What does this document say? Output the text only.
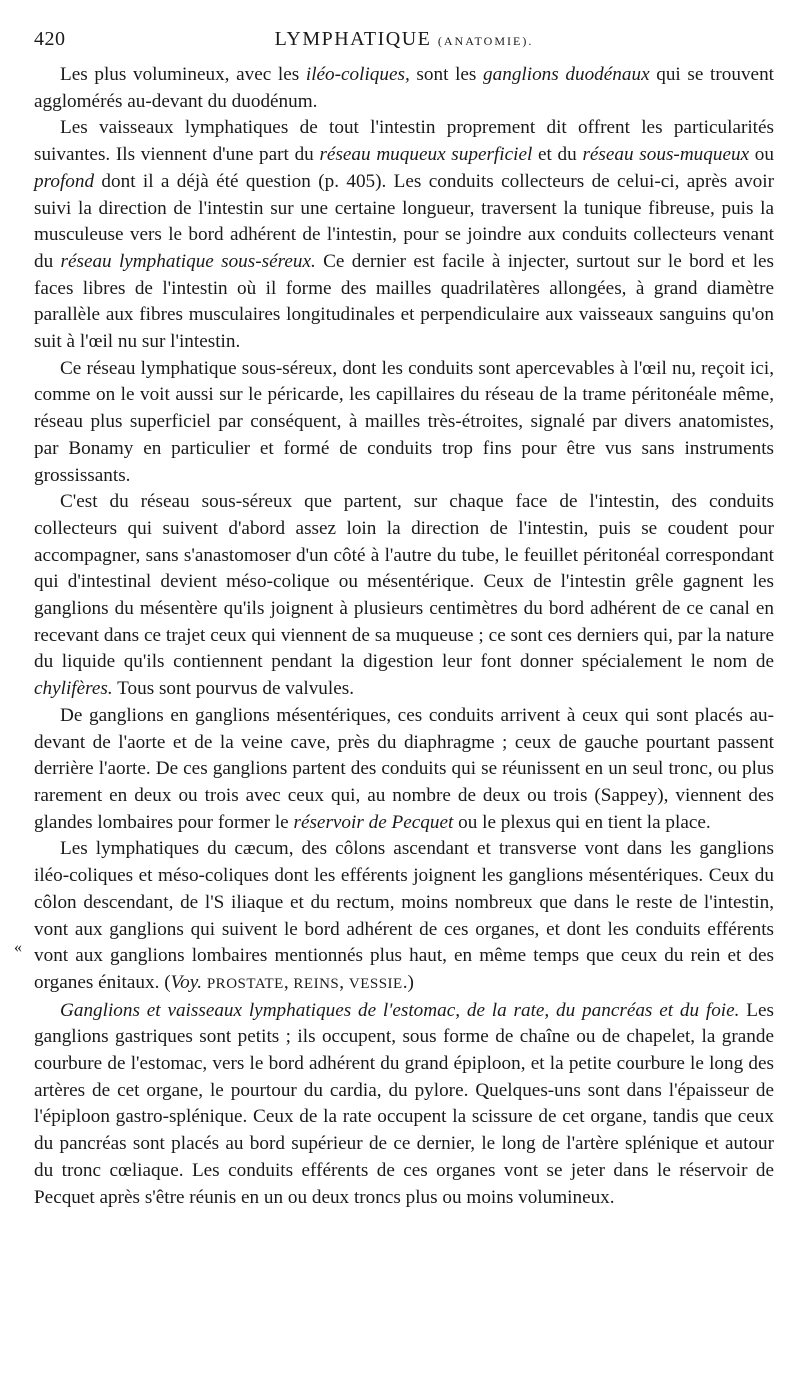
420	LYMPHATIQUE (ANATOMIE).

Les plus volumineux, avec les iléo-coliques, sont les ganglions duodénaux qui se trouvent agglomérés au-devant du duodénum.

Les vaisseaux lymphatiques de tout l'intestin proprement dit offrent les particularités suivantes. Ils viennent d'une part du réseau muqueux superficiel et du réseau sous-muqueux ou profond dont il a déjà été question (p. 405). Les conduits collecteurs de celui-ci, après avoir suivi la direction de l'intestin sur une certaine longueur, traversent la tunique fibreuse, puis la musculeuse vers le bord adhérent de l'intestin, pour se joindre aux conduits collecteurs venant du réseau lymphatique sous-séreux. Ce dernier est facile à injecter, surtout sur le bord et les faces libres de l'intestin où il forme des mailles quadrilatères allongées, à grand diamètre parallèle aux fibres musculaires longitudinales et perpendiculaire aux vaisseaux sanguins qu'on suit à l'œil nu sur l'intestin.

Ce réseau lymphatique sous-séreux, dont les conduits sont apercevables à l'œil nu, reçoit ici, comme on le voit aussi sur le péricarde, les capillaires du réseau de la trame péritonéale même, réseau plus superficiel par conséquent, à mailles très-étroites, signalé par divers anatomistes, par Bonamy en particulier et formé de conduits trop fins pour être vus sans instruments grossissants.

C'est du réseau sous-séreux que partent, sur chaque face de l'intestin, des conduits collecteurs qui suivent d'abord assez loin la direction de l'intestin, puis se coudent pour accompagner, sans s'anastomoser d'un côté à l'autre du tube, le feuillet péritonéal correspondant qui d'intestinal devient méso-colique ou mésentérique. Ceux de l'intestin grêle gagnent les ganglions du mésentère qu'ils joignent à plusieurs centimètres du bord adhérent de ce canal en recevant dans ce trajet ceux qui viennent de sa muqueuse ; ce sont ces derniers qui, par la nature du liquide qu'ils contiennent pendant la digestion leur font donner spécialement le nom de chylifères. Tous sont pourvus de valvules.

De ganglions en ganglions mésentériques, ces conduits arrivent à ceux qui sont placés au-devant de l'aorte et de la veine cave, près du diaphragme ; ceux de gauche pourtant passent derrière l'aorte. De ces ganglions partent des conduits qui se réunissent en un seul tronc, ou plus rarement en deux ou trois avec ceux qui, au nombre de deux ou trois (Sappey), viennent des glandes lombaires pour former le réservoir de Pecquet ou le plexus qui en tient la place.

Les lymphatiques du cæcum, des côlons ascendant et transverse vont dans les ganglions iléo-coliques et méso-coliques dont les efférents joignent les ganglions mésentériques. Ceux du côlon descendant, de l'S iliaque et du rectum, moins nombreux que dans le reste de l'intestin, vont aux ganglions qui suivent le bord adhérent de ces organes, et dont les conduits efférents vont aux ganglions lombaires mentionnés plus haut, en même temps que ceux du rein et des organes énitaux. (Voy. PROSTATE, REINS, VESSIE.)

Ganglions et vaisseaux lymphatiques de l'estomac, de la rate, du pancréas et du foie. Les ganglions gastriques sont petits ; ils occupent, sous forme de chaîne ou de chapelet, la grande courbure de l'estomac, vers le bord adhérent du grand épiploon, et la petite courbure le long des artères de cet organe, le pourtour du cardia, du pylore. Quelques-uns sont dans l'épaisseur de l'épiploon gastro-splénique. Ceux de la rate occupent la scissure de cet organe, tandis que ceux du pancréas sont placés au bord supérieur de ce dernier, le long de l'artère splénique et autour du tronc cœliaque. Les conduits efférents de ces organes vont se jeter dans le réservoir de Pecquet après s'être réunis en un ou deux troncs plus ou moins volumineux.

«
